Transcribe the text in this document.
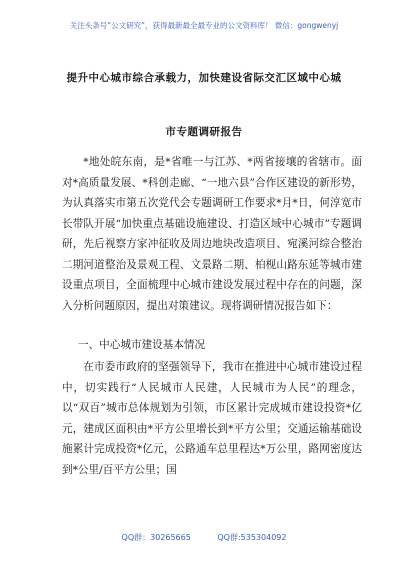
关注头条号“公文研究”，获得最新最全最专业的公文资料库！ 微信：gongwenyj
提升中心城市综合承载力，加快建设省际交汇区域中心城
市专题调研报告

*地处皖东南，是*省唯一与江苏、*两省接壤的省辖市。面对*高质量发展、*科创走廊、“一地六县”合作区建设的新形势，为认真落实市第五次党代会专题调研工作要求*月*日，何淳宽市长带队开展“加快重点基础设施建设、打造区域中心城市”专题调研，先后视察方家冲征收及周边地块改造项目、宛溪河综合整治二期河道整治及景观工程、文景路二期、柏枧山路东延等城市建设重点项目，全面梳理中心城市建设发展过程中存在的问题，深入分析问题原因，提出对策建议。现将调研情况报告如下：

一、中心城市建设基本情况

在市委市政府的坚强领导下，我市在推进中心城市建设过程中，切实践行“人民城市人民建，人民城市为人民”的理念，以“双百”城市总体规划为引领，市区累计完成城市建设投资*亿元，建成区面积由*平方公里增长到*平方公里；交通运输基础设施累计完成投资*亿元，公路通车总里程达*万公里，路网密度达到*公里/百平方公里；国

QQ群：30265665	QQ群:535304092
